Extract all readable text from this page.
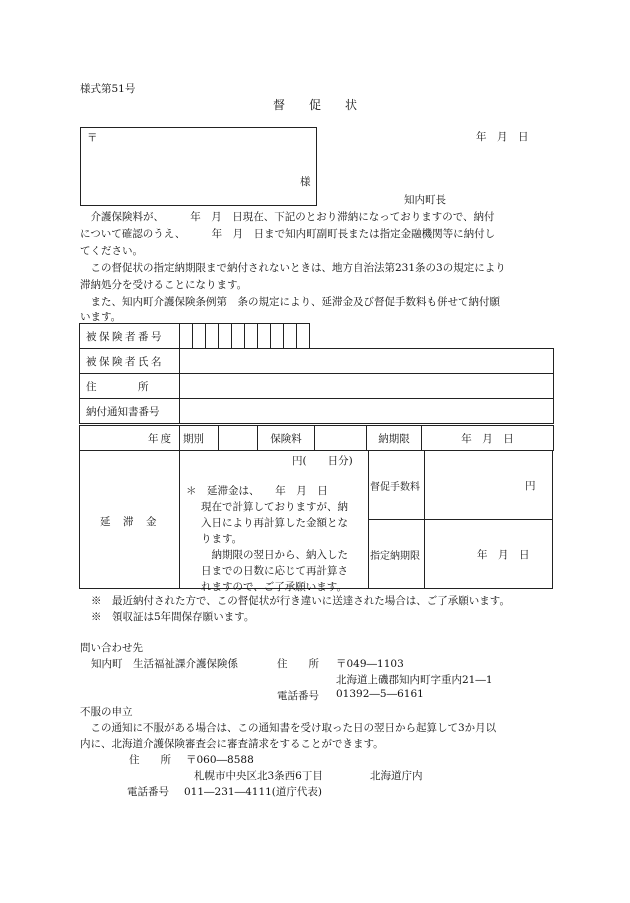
様式第51号
督　　促　　状
〒
様
年　月　日
知内町長
　介護保険料が、　　　年　月　日現在、下記のとおり滞納になっておりますので、納付
について確認のうえ、　　　年　月　日まで知内町副町長または指定金融機関等に納付し
てください。
　この督促状の指定納期限まで納付されないときは、地方自治法第231条の3の規定により
滞納処分を受けることになります。
　また、知内町介護保険条例第　条の規定により、延滞金及び督促手数料も併せて納付願
います。
被保険者番号											
被保険者氏名											
住　　　所											
納付通知書番号											
年度	期別		保険料		納期限	年　月　日
延　滞　金
円(　　日分)
＊　延滞金は、　　年　月　日
現在で計算しておりますが、納
入日により再計算した金額とな
ります。
　納期限の翌日から、納入した
日までの日数に応じて再計算さ
れますので、ご了承願います。
督促手数料	円
指定納期限	年　月　日
※　最近納付された方で、この督促状が行き違いに送達された場合は、ご了承願います。
※　領収証は5年間保存願います。
問い合わせ先
知内町　生活福祉課介護保険係	住　　所 〒049―1103
北海道上磯郡知内町字重内21―1
電話番号 01392―5―6161
不服の申立
　この通知に不服がある場合は、この通知書を受け取った日の翌日から起算して3か月以
内に、北海道介護保険審査会に審査請求をすることができます。
住　　所 〒060―8588
札幌市中央区北3条西6丁目	北海道庁内
電話番号 011―231―4111(道庁代表)
